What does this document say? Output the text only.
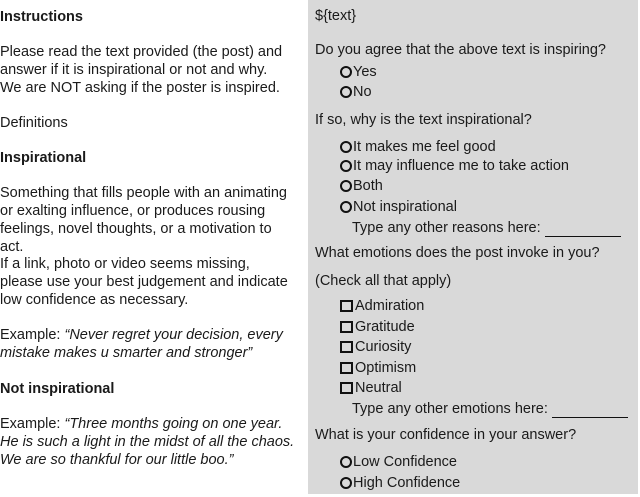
Instructions
Please read the text provided (the post) and
answer if it is inspirational or not and why.
We are NOT asking if the poster is inspired.
Definitions
Inspirational
Something that fills people with an animating
or exalting influence, or produces rousing
feelings, novel thoughts, or a motivation to
act.
If a link, photo or video seems missing,
please use your best judgement and indicate
low confidence as necessary.
Example: “Never regret your decision, every
mistake makes u smarter and stronger”
Not inspirational
Example: “Three months going on one year.
He is such a light in the midst of all the chaos.
We are so thankful for our little boo.”
${text}
Do you agree that the above text is inspiring?
Yes
No
If so, why is the text inspirational?
It makes me feel good
It may influence me to take action
Both
Not inspirational
Type any other reasons here:
What emotions does the post invoke in you?
(Check all that apply)
Admiration
Gratitude
Curiosity
Optimism
Neutral
Type any other emotions here:
What is your confidence in your answer?
Low Confidence
High Confidence
